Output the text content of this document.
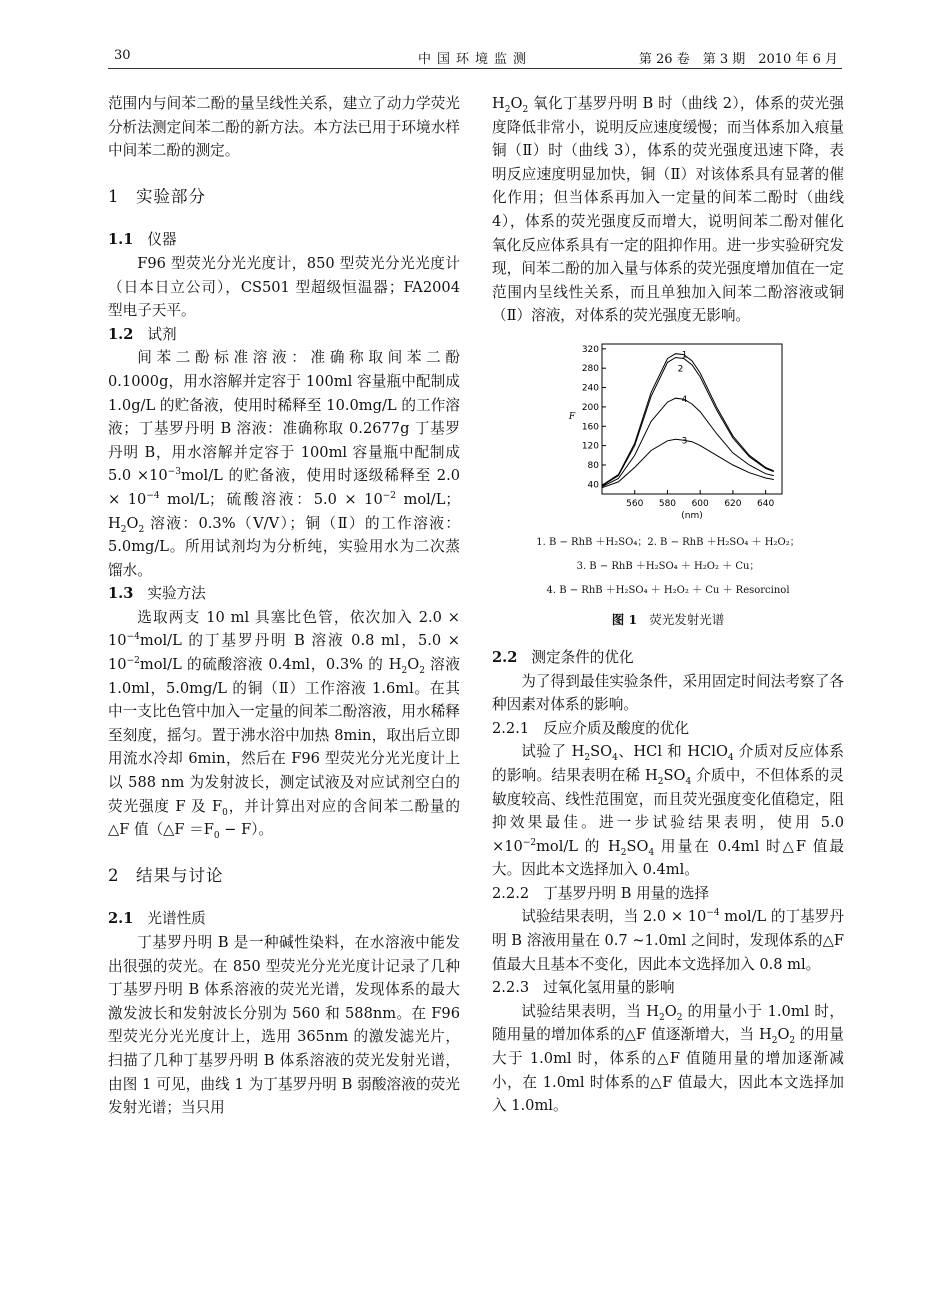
30	中国环境监测	第 26 卷　第 3 期　2010 年 6 月

范围内与间苯二酚的量呈线性关系，建立了动力学荧光分析法测定间苯二酚的新方法。本方法已用于环境水样中间苯二酚的测定。

1 实验部分

1.1 仪器

F96 型荧光分光光度计，850 型荧光分光光度计（日本日立公司），CS501 型超级恒温器；FA2004 型电子天平。

1.2 试剂

间苯二酚标准溶液：准确称取间苯二酚 0.1000g，用水溶解并定容于 100ml 容量瓶中配制成 1.0g/L 的贮备液，使用时稀释至 10.0mg/L 的工作溶液；丁基罗丹明 B 溶液：准确称取 0.2677g 丁基罗丹明 B，用水溶解并定容于 100ml 容量瓶中配制成 $5.0 \times 10^{-3}mol/L$ 的贮备液，使用时逐级稀释至 $2.0 \times 10^{-4}$ mol/L；硫酸溶液：$5.0 \times 10^{-2}$ mol/L；$H_2O_2$ 溶液：0.3%（V/V）；铜（Ⅱ）的工作溶液：5.0mg/L。所用试剂均为分析纯，实验用水为二次蒸馏水。

1.3 实验方法

选取两支 10 ml 具塞比色管，依次加入 $2.0 \times 10^{-4}mol/L$ 的丁基罗丹明 B 溶液 0.8 ml，$5.0 \times 10^{-2}mol/L$ 的硫酸溶液 0.4ml，0.3% 的 $H_2O_2$ 溶液 1.0ml，5.0mg/L 的铜（Ⅱ）工作溶液 1.6ml。在其中一支比色管中加入一定量的间苯二酚溶液，用水稀释至刻度，摇匀。置于沸水浴中加热 8min，取出后立即用流水冷却 6min，然后在 F96 型荧光分光光度计上以 588 nm 为发射波长，测定试液及对应试剂空白的荧光强度 F 及 $F_0$，并计算出对应的含间苯二酚量的△F 值（△F $=F_0 - F$）。

2 结果与讨论

2.1 光谱性质

丁基罗丹明 B 是一种碱性染料，在水溶液中能发出很强的荧光。在 850 型荧光分光光度计记录了几种丁基罗丹明 B 体系溶液的荧光光谱，发现体系的最大激发波长和发射波长分别为 560 和 588nm。在 F96 型荧光分光光度计上，选用 365nm 的激发滤光片，扫描了几种丁基罗丹明 B 体系溶液的荧光发射光谱，由图 1 可见，曲线 1 为丁基罗丹明 B 弱酸溶液的荧光发射光谱；当只用

$H_2O_2$ 氧化丁基罗丹明 B 时（曲线 2），体系的荧光强度降低非常小，说明反应速度缓慢；而当体系加入痕量铜（Ⅱ）时（曲线 3），体系的荧光强度迅速下降，表明反应速度明显加快，铜（Ⅱ）对该体系具有显著的催化作用；但当体系再加入一定量的间苯二酚时（曲线 4），体系的荧光强度反而增大，说明间苯二酚对催化氧化反应体系具有一定的阻抑作用。进一步实验研究发现，间苯二酚的加入量与体系的荧光强度增加值在一定范围内呈线性关系，而且单独加入间苯二酚溶液或铜（Ⅱ）溶液，对体系的荧光强度无影响。

560 580 600 620 640
40
80
120
160
200
240
280
320
(nm)
F
1
2
3
4
1. B − RhB ＋H₂SO₄；2. B − RhB ＋H₂SO₄ ＋ H₂O₂；
3. B − RhB ＋H₂SO₄ ＋ H₂O₂ ＋ Cu；
4. B − RhB ＋H₂SO₄ ＋ H₂O₂ ＋ Cu ＋ Resorcinol
图 1 荧光发射光谱

2.2 测定条件的优化

为了得到最佳实验条件，采用固定时间法考察了各种因素对体系的影响。

2.2.1 反应介质及酸度的优化

试验了 $H_2SO_4$、HCl 和 HClO$_4$ 介质对反应体系的影响。结果表明在稀 $H_2SO_4$ 介质中，不但体系的灵敏度较高、线性范围宽，而且荧光强度变化值稳定，阻抑效果最佳。进一步试验结果表明，使用 $5.0 \times 10^{-2}mol/L$ 的 $H_2SO_4$ 用量在 0.4ml 时△F 值最大。因此本文选择加入 0.4ml。

2.2.2 丁基罗丹明 B 用量的选择

试验结果表明，当 $2.0 \times 10^{-4}$ mol/L 的丁基罗丹明 B 溶液用量在 0.7 ~1.0ml 之间时，发现体系的△F 值最大且基本不变化，因此本文选择加入 0.8 ml。

2.2.3 过氧化氢用量的影响

试验结果表明，当 $H_2O_2$ 的用量小于 1.0ml 时，随用量的增加体系的△F 值逐渐增大，当 $H_2O_2$ 的用量大于 1.0ml 时，体系的△F 值随用量的增加逐渐减小，在 1.0ml 时体系的△F 值最大，因此本文选择加入 1.0ml。
